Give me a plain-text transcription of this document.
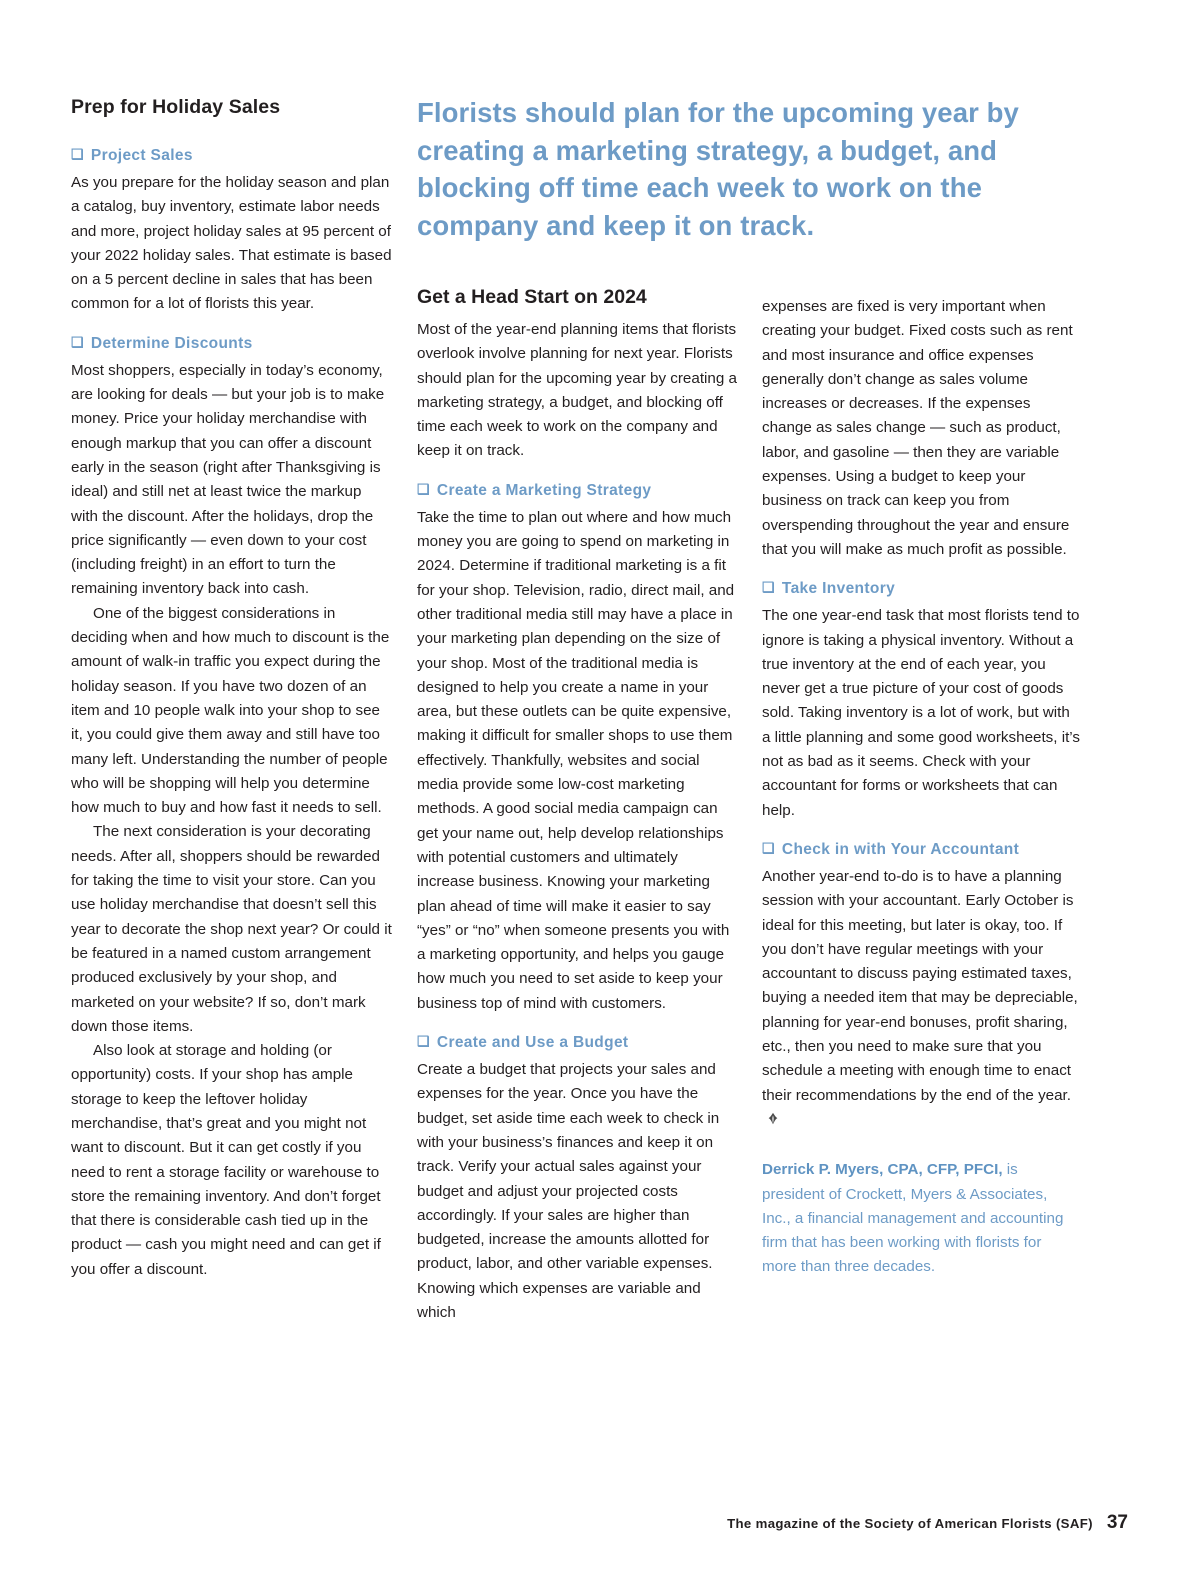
Prep for Holiday Sales
❑ Project Sales

As you prepare for the holiday season and plan a catalog, buy inventory, estimate labor needs and more, project holiday sales at 95 percent of your 2022 holiday sales. That estimate is based on a 5 percent decline in sales that has been common for a lot of florists this year.

❑ Determine Discounts

Most shoppers, especially in today’s economy, are looking for deals — but your job is to make money. Price your holiday merchandise with enough markup that you can offer a discount early in the season (right after Thanksgiving is ideal) and still net at least twice the markup with the discount. After the holidays, drop the price significantly — even down to your cost (including freight) in an effort to turn the remaining inventory back into cash.

One of the biggest considerations in deciding when and how much to discount is the amount of walk-in traffic you expect during the holiday season. If you have two dozen of an item and 10 people walk into your shop to see it, you could give them away and still have too many left. Understanding the number of people who will be shopping will help you determine how much to buy and how fast it needs to sell.

The next consideration is your decorating needs. After all, shoppers should be rewarded for taking the time to visit your store. Can you use holiday merchandise that doesn’t sell this year to decorate the shop next year? Or could it be featured in a named custom arrangement produced exclusively by your shop, and marketed on your website? If so, don’t mark down those items.

Also look at storage and holding (or opportunity) costs. If your shop has ample storage to keep the leftover holiday merchandise, that’s great and you might not want to discount. But it can get costly if you need to rent a storage facility or warehouse to store the remaining inventory. And don’t forget that there is considerable cash tied up in the product — cash you might need and can get if you offer a discount.

Florists should plan for the upcoming year by creating a marketing strategy, a budget, and blocking off time each week to work on the company and keep it on track.
Get a Head Start on 2024

Most of the year-end planning items that florists overlook involve planning for next year. Florists should plan for the upcoming year by creating a marketing strategy, a budget, and blocking off time each week to work on the company and keep it on track.

❑ Create a Marketing Strategy

Take the time to plan out where and how much money you are going to spend on marketing in 2024. Determine if traditional marketing is a fit for your shop. Television, radio, direct mail, and other traditional media still may have a place in your marketing plan depending on the size of your shop. Most of the traditional media is designed to help you create a name in your area, but these outlets can be quite expensive, making it difficult for smaller shops to use them effectively. Thankfully, websites and social media provide some low-cost marketing methods. A good social media campaign can get your name out, help develop relationships with potential customers and ultimately increase business. Knowing your marketing plan ahead of time will make it easier to say “yes” or “no” when someone presents you with a marketing opportunity, and helps you gauge how much you need to set aside to keep your business top of mind with customers.

❑ Create and Use a Budget

Create a budget that projects your sales and expenses for the year. Once you have the budget, set aside time each week to check in with your business’s finances and keep it on track. Verify your actual sales against your budget and adjust your projected costs accordingly. If your sales are higher than budgeted, increase the amounts allotted for product, labor, and other variable expenses. Knowing which expenses are variable and which

expenses are fixed is very important when creating your budget. Fixed costs such as rent and most insurance and office expenses generally don’t change as sales volume increases or decreases. If the expenses change as sales change — such as product, labor, and gasoline — then they are variable expenses. Using a budget to keep your business on track can keep you from overspending throughout the year and ensure that you will make as much profit as possible.

❑ Take Inventory

The one year-end task that most florists tend to ignore is taking a physical inventory. Without a true inventory at the end of each year, you never get a true picture of your cost of goods sold. Taking inventory is a lot of work, but with a little planning and some good worksheets, it’s not as bad as it seems. Check with your accountant for forms or worksheets that can help.

❑ Check in with Your Accountant

Another year-end to-do is to have a planning session with your accountant. Early October is ideal for this meeting, but later is okay, too. If you don’t have regular meetings with your accountant to discuss paying estimated taxes, buying a needed item that may be depreciable, planning for year-end bonuses, profit sharing, etc., then you need to make sure that you schedule a meeting with enough time to enact their recommendations by the end of the year.

Derrick P. Myers, CPA, CFP, PFCI, is president of Crockett, Myers & Associates, Inc., a financial management and accounting firm that has been working with florists for more than three decades.

The magazine of the Society of American Florists (SAF) 37
